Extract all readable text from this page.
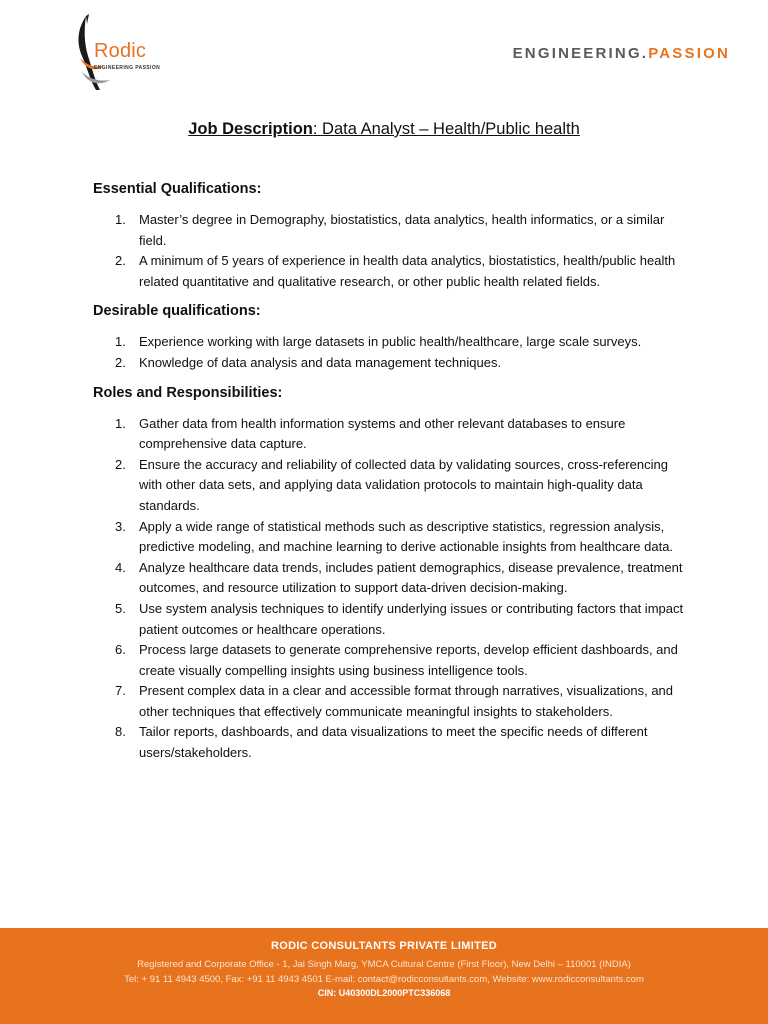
Rodic
ENGINEERING PASSION
ENGINEERING.PASSION
Job Description: Data Analyst – Health/Public health
Essential Qualifications:
1. Master’s degree in Demography, biostatistics, data analytics, health informatics, or a similar field.
2. A minimum of 5 years of experience in health data analytics, biostatistics, health/public health related quantitative and qualitative research, or other public health related fields.
Desirable qualifications:
1. Experience working with large datasets in public health/healthcare, large scale surveys.
2. Knowledge of data analysis and data management techniques.
Roles and Responsibilities:
1. Gather data from health information systems and other relevant databases to ensure comprehensive data capture.
2. Ensure the accuracy and reliability of collected data by validating sources, cross-referencing with other data sets, and applying data validation protocols to maintain high-quality data standards.
3. Apply a wide range of statistical methods such as descriptive statistics, regression analysis, predictive modeling, and machine learning to derive actionable insights from healthcare data.
4. Analyze healthcare data trends, includes patient demographics, disease prevalence, treatment outcomes, and resource utilization to support data-driven decision-making.
5. Use system analysis techniques to identify underlying issues or contributing factors that impact patient outcomes or healthcare operations.
6. Process large datasets to generate comprehensive reports, develop efficient dashboards, and create visually compelling insights using business intelligence tools.
7. Present complex data in a clear and accessible format through narratives, visualizations, and other techniques that effectively communicate meaningful insights to stakeholders.
8. Tailor reports, dashboards, and data visualizations to meet the specific needs of different users/stakeholders.
RODIC CONSULTANTS PRIVATE LIMITED
Registered and Corporate Office - 1, Jai Singh Marg, YMCA Cultural Centre (First Floor), New Delhi – 110001 (INDIA)
Tel: + 91 11 4943 4500, Fax: +91 11 4943 4501 E-mail: contact@rodicconsultants.com, Website: www.rodicconsultants.com
CIN: U40300DL2000PTC336068
